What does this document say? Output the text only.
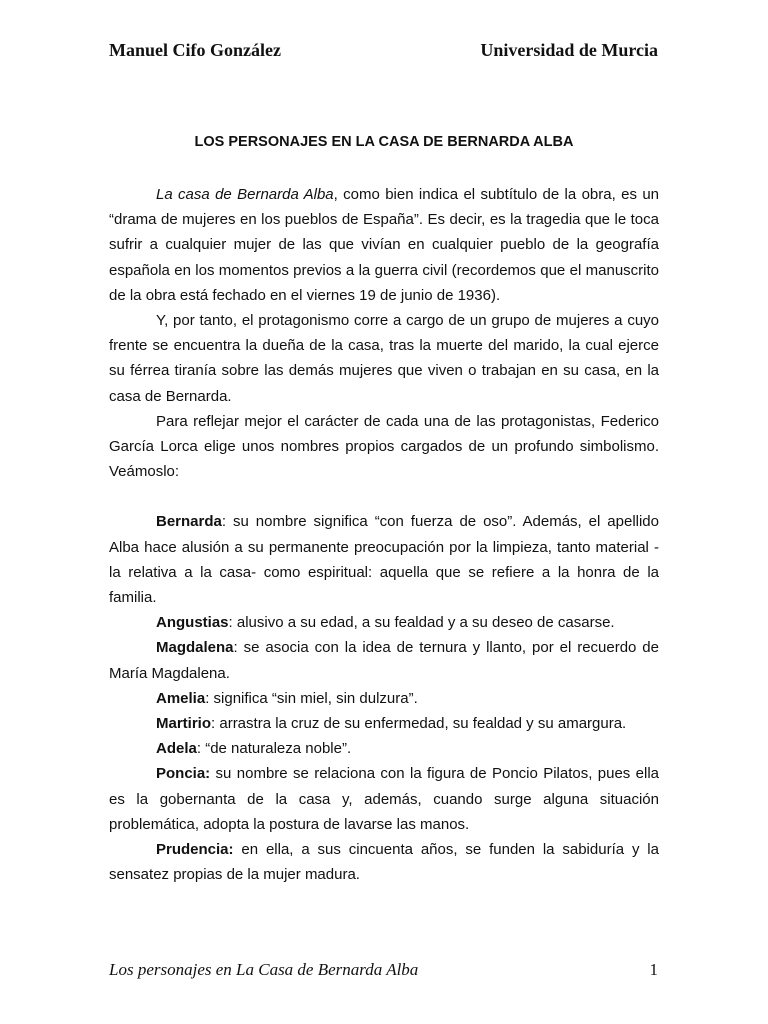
Manuel Cifo González	Universidad de Murcia
LOS PERSONAJES EN LA CASA DE BERNARDA ALBA

La casa de Bernarda Alba, como bien indica el subtítulo de la obra, es un “drama de mujeres en los pueblos de España”. Es decir, es la tragedia que le toca sufrir a cualquier mujer de las que vivían en cualquier pueblo de la geografía española en los momentos previos a la guerra civil (recordemos que el manuscrito de la obra está fechado en el viernes 19 de junio de 1936).

Y, por tanto, el protagonismo corre a cargo de un grupo de mujeres a cuyo frente se encuentra la dueña de la casa, tras la muerte del marido, la cual ejerce su férrea tiranía sobre las demás mujeres que viven o trabajan en su casa, en la casa de Bernarda.

Para reflejar mejor el carácter de cada una de las protagonistas, Federico García Lorca elige unos nombres propios cargados de un profundo simbolismo. Veámoslo:

Bernarda: su nombre significa “con fuerza de oso”. Además, el apellido Alba hace alusión a su permanente preocupación por la limpieza, tanto material -la relativa a la casa- como espiritual: aquella que se refiere a la honra de la familia.

Angustias: alusivo a su edad, a su fealdad y a su deseo de casarse.

Magdalena: se asocia con la idea de ternura y llanto, por el recuerdo de María Magdalena.

Amelia: significa “sin miel, sin dulzura”.

Martirio: arrastra la cruz de su enfermedad, su fealdad y su amargura.

Adela: “de naturaleza noble”.

Poncia: su nombre se relaciona con la figura de Poncio Pilatos, pues ella es la gobernanta de la casa y, además, cuando surge alguna situación problemática, adopta la postura de lavarse las manos.

Prudencia: en ella, a sus cincuenta años, se funden la sabiduría y la sensatez propias de la mujer madura.

Los personajes en La Casa de Bernarda Alba	1
